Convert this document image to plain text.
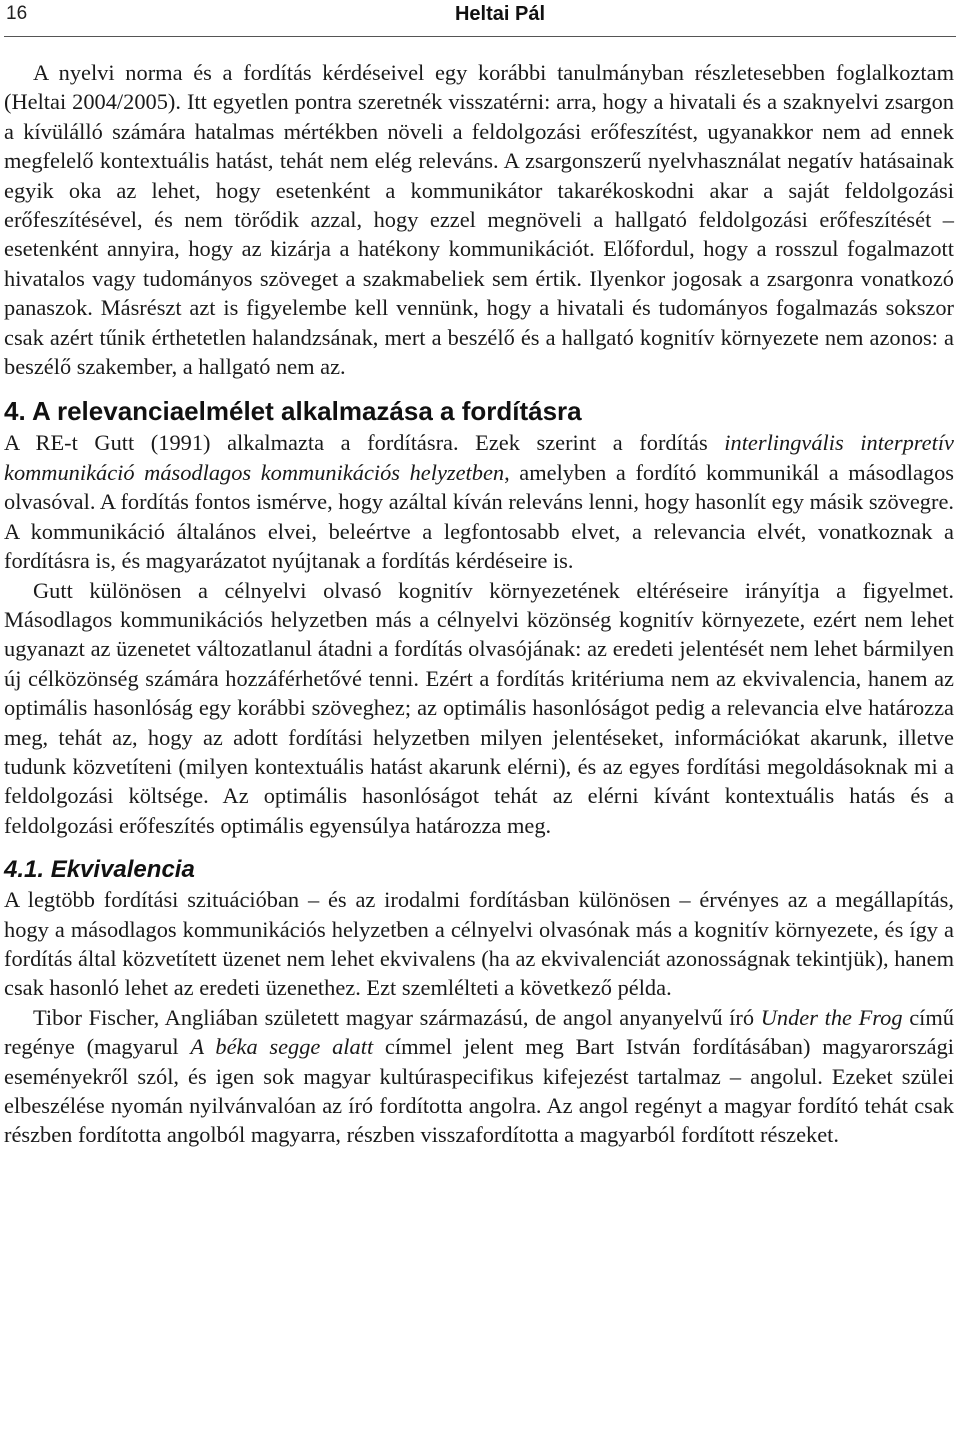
16	Heltai Pál

A nyelvi norma és a fordítás kérdéseivel egy korábbi tanulmányban részletesebben foglalkoztam (Heltai 2004/2005). Itt egyetlen pontra szeretnék visszatérni: arra, hogy a hivatali és a szaknyelvi zsargon a kívülálló számára hatalmas mértékben növeli a feldolgozási erőfeszítést, ugyanakkor nem ad ennek megfelelő kontextuális hatást, tehát nem elég releváns. A zsargonszerű nyelvhasználat negatív hatásainak egyik oka az lehet, hogy esetenként a kommunikátor takarékoskodni akar a saját feldolgozási erőfeszítésével, és nem törődik azzal, hogy ezzel megnöveli a hallgató feldolgozási erőfeszítését – esetenként annyira, hogy az kizárja a hatékony kommunikációt. Előfordul, hogy a rosszul fogalmazott hivatalos vagy tudományos szöveget a szakmabeliek sem értik. Ilyenkor jogosak a zsargonra vonatkozó panaszok. Másrészt azt is figyelembe kell vennünk, hogy a hivatali és tudományos fogalmazás sokszor csak azért tűnik érthetetlen halandzsának, mert a beszélő és a hallgató kognitív környezete nem azonos: a beszélő szakember, a hallgató nem az.

4. A relevanciaelmélet alkalmazása a fordításra

A RE-t Gutt (1991) alkalmazta a fordításra. Ezek szerint a fordítás interlingvális interpretív kommunikáció másodlagos kommunikációs helyzetben, amelyben a fordító kommunikál a másodlagos olvasóval. A fordítás fontos ismérve, hogy azáltal kíván releváns lenni, hogy hasonlít egy másik szövegre. A kommunikáció általános elvei, beleértve a legfontosabb elvet, a relevancia elvét, vonatkoznak a fordításra is, és magyarázatot nyújtanak a fordítás kérdéseire is.

Gutt különösen a célnyelvi olvasó kognitív környezetének eltéréseire irányítja a figyelmet. Másodlagos kommunikációs helyzetben más a célnyelvi közönség kognitív környezete, ezért nem lehet ugyanazt az üzenetet változatlanul átadni a fordítás olvasójának: az eredeti jelentését nem lehet bármilyen új célközönség számára hozzáférhetővé tenni. Ezért a fordítás kritériuma nem az ekvivalencia, hanem az optimális hasonlóság egy korábbi szöveghez; az optimális hasonlóságot pedig a relevancia elve határozza meg, tehát az, hogy az adott fordítási helyzetben milyen jelentéseket, információkat akarunk, illetve tudunk közvetíteni (milyen kontextuális hatást akarunk elérni), és az egyes fordítási megoldásoknak mi a feldolgozási költsége. Az optimális hasonlóságot tehát az elérni kívánt kontextuális hatás és a feldolgozási erőfeszítés optimális egyensúlya határozza meg.

4.1. Ekvivalencia

A legtöbb fordítási szituációban – és az irodalmi fordításban különösen – érvényes az a megállapítás, hogy a másodlagos kommunikációs helyzetben a célnyelvi olvasónak más a kognitív környezete, és így a fordítás által közvetített üzenet nem lehet ekvivalens (ha az ekvivalenciát azonosságnak tekintjük), hanem csak hasonló lehet az eredeti üzenethez. Ezt szemlélteti a következő példa.

Tibor Fischer, Angliában született magyar származású, de angol anyanyelvű író Under the Frog című regénye (magyarul A béka segge alatt címmel jelent meg Bart István fordításában) magyarországi eseményekről szól, és igen sok magyar kultúraspecifikus kifejezést tartalmaz – angolul. Ezeket szülei elbeszélése nyomán nyilvánvalóan az író fordította angolra. Az angol regényt a magyar fordító tehát csak részben fordította angolból magyarra, részben visszafordította a magyarból fordított részeket.
